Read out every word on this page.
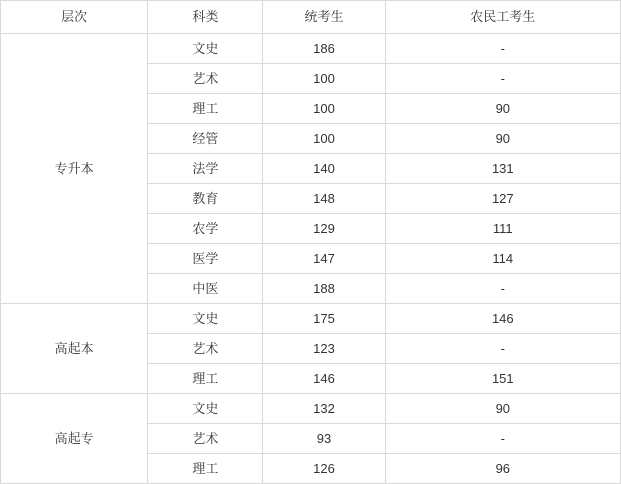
层次	科类	统考生	农民工考生
专升本	文史	186	-
	艺术	100	-
	理工	100	90
	经管	100	90
	法学	140	131
	教育	148	127
	农学	129	111
	医学	147	114
	中医	188	-
高起本	文史	175	146
	艺术	123	-
	理工	146	151
高起专	文史	132	90
	艺术	93	-
	理工	126	96
